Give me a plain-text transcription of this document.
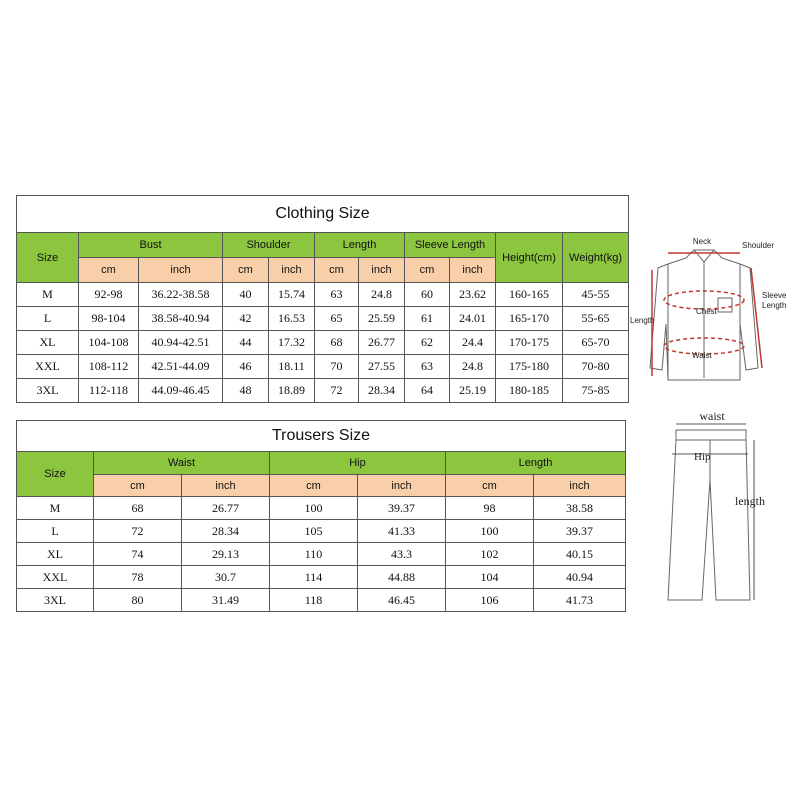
Clothing Size										
Size	Bust		Shoulder		Length		Sleeve Length		Height(cm)	Weight(kg)
	cm	inch	cm	inch	cm	inch	cm	inch		
M	92-98	36.22-38.58	40	15.74	63	24.8	60	23.62	160-165	45-55
L	98-104	38.58-40.94	42	16.53	65	25.59	61	24.01	165-170	55-65
XL	104-108	40.94-42.51	44	17.32	68	26.77	62	24.4	170-175	65-70
XXL	108-112	42.51-44.09	46	18.11	70	27.55	63	24.8	175-180	70-80
3XL	112-118	44.09-46.45	48	18.89	72	28.34	64	25.19	180-185	75-85
Trousers Size						
Size	Waist		Hip		Length	
	cm	inch	cm	inch	cm	inch
M	68	26.77	100	39.37	98	38.58
L	72	28.34	105	41.33	100	39.37
XL	74	29.13	110	43.3	102	40.15
XXL	78	30.7	114	44.88	104	40.94
3XL	80	31.49	118	46.45	106	41.73
Neck	Shoulder
Sleeve
Length
Length
Chest
Waist
waist
Hip
length
